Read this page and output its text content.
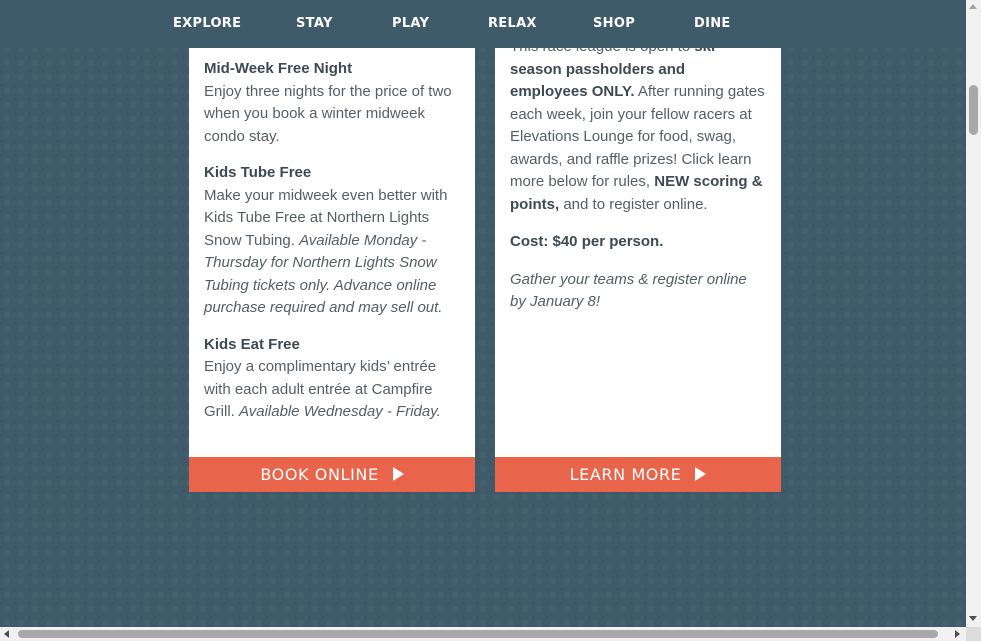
Mid-Week Free Night
Enjoy three nights for the price of two when you book a winter midweek condo stay.
Kids Tube Free
Make your midweek even better with Kids Tube Free at Northern Lights Snow Tubing. Available Monday - Thursday for Northern Lights Snow Tubing tickets only. Advance online purchase required and may sell out.
Kids Eat Free
Enjoy a complimentary kids’ entrée with each adult entrée at Campfire Grill. Available Wednesday - Friday.

season passholders and employees ONLY. After running gates each week, join your fellow racers at Elevations Lounge for food, swag, awards, and raffle prizes! Click learn more below for rules, NEW scoring & points, and to register online.

Cost: $40 per person.

Gather your teams & register online by January 8!

BOOK ONLINE	LEARN MORE
EXPLORE	STAY	PLAY	RELAX	SHOP	DINE
